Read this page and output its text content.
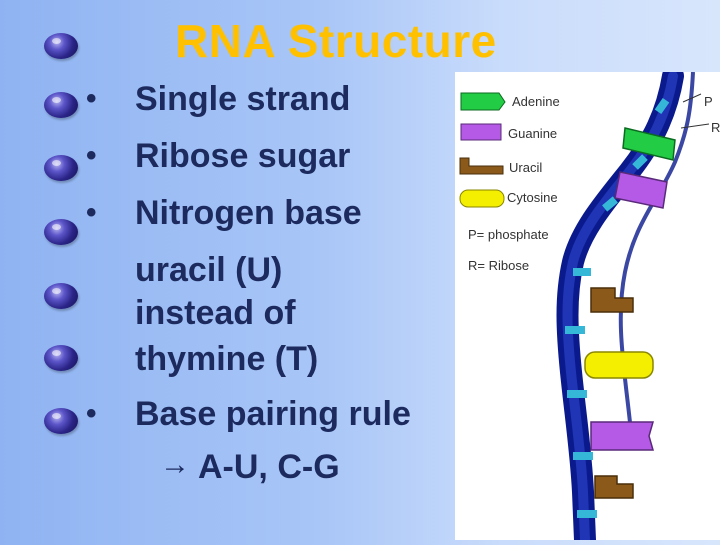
RNA Structure
• Single strand
• Ribose sugar
• Nitrogen base
uracil (U)
instead of
thymine (T)
• Base pairing rule
→ A-U, C-G
Adenine
Guanine
Uracil
Cytosine
P= phosphate
R= Ribose
P
R
